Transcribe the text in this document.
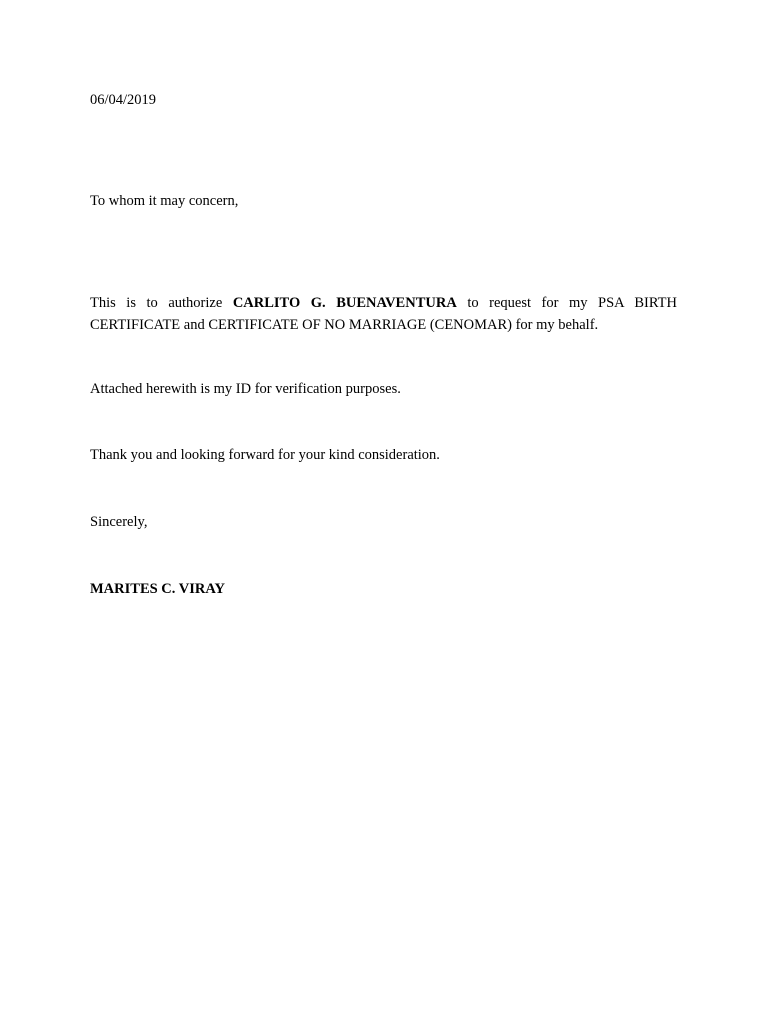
06/04/2019
To whom it may concern,
This is to authorize CARLITO G. BUENAVENTURA to request for my PSA BIRTH CERTIFICATE and CERTIFICATE OF NO MARRIAGE (CENOMAR) for my behalf.
Attached herewith is my ID for verification purposes.
Thank you and looking forward for your kind consideration.
Sincerely,
MARITES C. VIRAY
